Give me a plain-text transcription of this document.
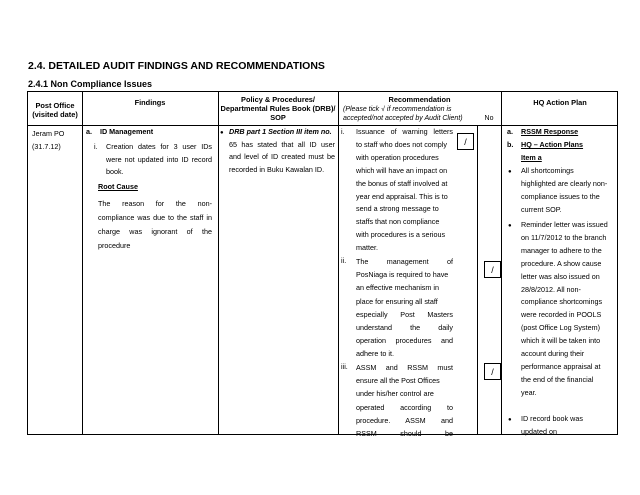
2.4. DETAILED AUDIT FINDINGS AND RECOMMENDATIONS
2.4.1 Non Compliance Issues
Post Office
(visited date)
Findings	Policy & Procedures/
Departmental Rules Book (DRB)/
SOP
Recommendation
(Please tick √ if recommendation is
accepted/not accepted by Audit Client)	No
HQ Action Plan
Jeram PO
(31.7.12)
a. ID Management
i. Creation dates for 3 user IDs
were not updated into ID record
book.
Root Cause
The reason for the non-
compliance was due to the staff in
charge was ignorant of the
procedure
● DRB part 1 Section III item no.
65 has stated that all ID user
and level of ID created must be
recorded in Buku Kawalan ID.
i. Issuance of warning letters
to staff who does not comply
with operation procedures
which will have an impact on
the bonus of staff involved at
year end appraisal. This is to
send a strong message to
staffs that non compliance
with procedures is a serious
matter.
/
ii. The management of
PosNiaga is required to have
an effective mechanism in
place for ensuring all staff
especially Post Masters
understand the daily
operation procedures and
adhere to it.
/
iii. ASSM and RSSM must
ensure all the Post Offices
under his/her control are
operated according to
procedure. ASSM and
RSSM should be
/
a. RSSM Response
b. HQ – Action Plans
Item a
● All shortcomings
highlighted are clearly non-
compliance issues to the
current SOP.
● Reminder letter was issued
on 11/7/2012 to the branch
manager to adhere to the
procedure. A show cause
letter was also issued on
28/8/2012. All non-
compliance shortcomings
were recorded in POOLS
(post Office Log System)
which it will be taken into
account during their
performance appraisal at
the end of the financial
year.
● ID record book was
updated on
